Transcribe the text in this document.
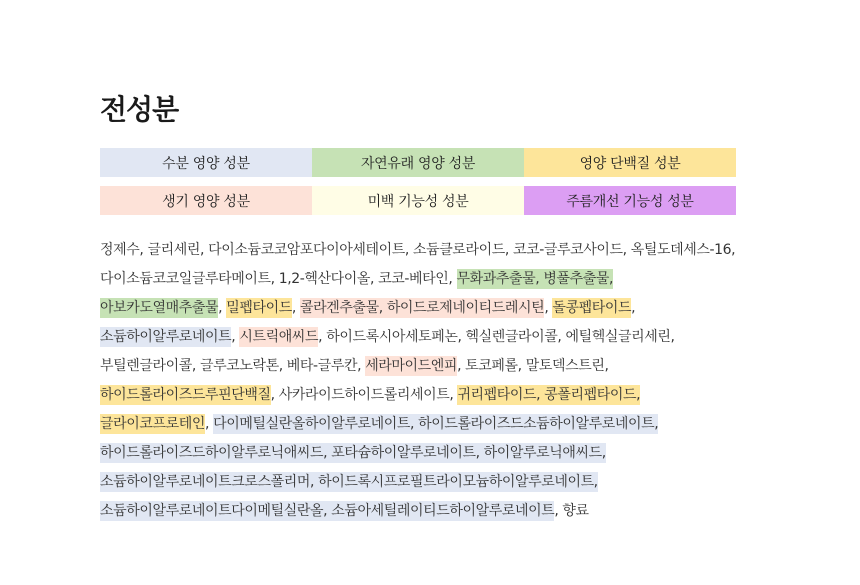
전성분
수분 영양 성분	자연유래 영양 성분	영양 단백질 성분
생기 영양 성분	미백 기능성 성분	주름개선 기능성 성분

정제수, 글리세린, 다이소듐코코암포다이아세테이트, 소듐클로라이드, 코코-글루코사이드, 옥틸도데세스-16, 다이소듐코코일글루타메이트, 1,2-헥산다이올, 코코-베타인, 무화과추출물, 병풀추출물, 아보카도열매추출물, 밀펩타이드, 콜라겐추출물, 하이드로제네이티드레시틴, 돌콩펩타이드, 소듐하이알루로네이트, 시트릭애씨드, 하이드록시아세토페논, 헥실렌글라이콜, 에틸헥실글리세린, 부틸렌글라이콜, 글루코노락톤, 베타-글루칸, 세라마이드엔피, 토코페롤, 말토덱스트린, 하이드롤라이즈드루핀단백질, 사카라이드하이드롤리세이트, 귀리펩타이드, 콩폴리펩타이드, 글라이코프로테인, 다이메틸실란올하이알루로네이트, 하이드롤라이즈드소듐하이알루로네이트, 하이드롤라이즈드하이알루로닉애씨드, 포타슘하이알루로네이트, 하이알루로닉애씨드, 소듐하이알루로네이트크로스폴리머, 하이드록시프로필트라이모늄하이알루로네이트, 소듐하이알루로네이트다이메틸실란올, 소듐아세틸레이티드하이알루로네이트, 향료
